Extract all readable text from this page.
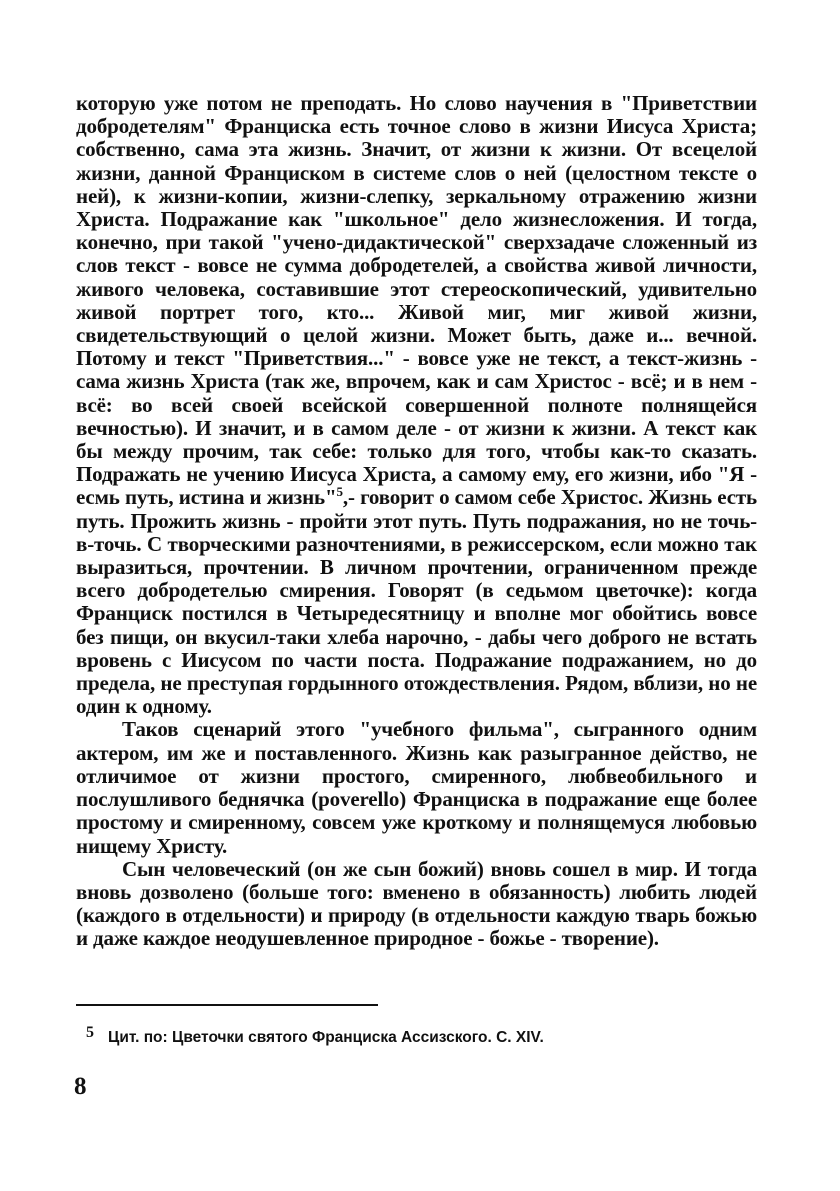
которую уже потом не преподать. Но слово научения в "Приветствии добродетелям" Франциска есть точное слово в жизни Иисуса Христа; собственно, сама эта жизнь. Значит, от жизни к жизни. От всецелой жизни, данной Франциском в системе слов о ней (целостном тексте о ней), к жизни-копии, жизни-слепку, зеркальному отражению жизни Христа. Подражание как "школьное" дело жизнесложения. И тогда, конечно, при такой "учено-дидактической" сверхзадаче сложенный из слов текст - вовсе не сумма добродетелей, а свойства живой личности, живого человека, составившие этот стереоскопический, удивительно живой портрет того, кто... Живой миг, миг живой жизни, свидетельствующий о целой жизни. Может быть, даже и... вечной. Потому и текст "Приветствия..." - вовсе уже не текст, а текст-жизнь - сама жизнь Христа (так же, впрочем, как и сам Христос - всё; и в нем - всё: во всей своей всейской совершенной полноте полнящейся вечностью). И значит, и в самом деле - от жизни к жизни. А текст как бы между прочим, так себе: только для того, чтобы как-то сказать. Подражать не учению Иисуса Христа, а самому ему, его жизни, ибо "Я - есмь путь, истина и жизнь"$^5$,- говорит о самом себе Христос. Жизнь есть путь. Прожить жизнь - пройти этот путь. Путь подражания, но не точь-в-точь. С творческими разночтениями, в режиссерском, если можно так выразиться, прочтении. В личном прочтении, ограниченном прежде всего добродетелью смирения. Говорят (в седьмом цветочке): когда Франциск постился в Четыредесятницу и вполне мог обойтись вовсе без пищи, он вкусил-таки хлеба нарочно, - дабы чего доброго не встать вровень с Иисусом по части поста. Подражание подражанием, но до предела, не преступая гордынного отождествления. Рядом, вблизи, но не один к одному.

Таков сценарий этого "учебного фильма", сыгранного одним актером, им же и поставленного. Жизнь как разыгранное действо, не отличимое от жизни простого, смиренного, любвеобильного и послушливого беднячка (poverello) Франциска в подражание еще более простому и смиренному, совсем уже кроткому и полнящемуся любовью нищему Христу.

Сын человеческий (он же сын божий) вновь сошел в мир. И тогда вновь дозволено (больше того: вменено в обязанность) любить людей (каждого в отдельности) и природу (в отдельности каждую тварь божью и даже каждое неодушевленное природное - божье - творение).

5 Цит. по: Цветочки святого Франциска Ассизского. С. XIV.
8
